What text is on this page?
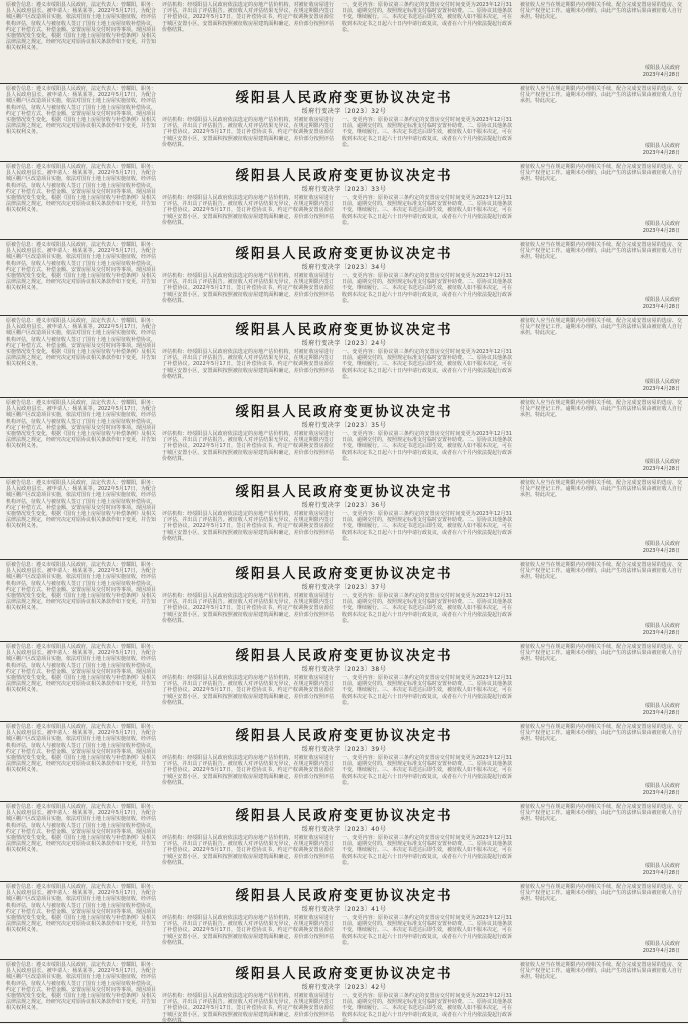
原被告信息：遵义市绥阳县人民政府，法定代表人：曾耀阳，职务：县人民政府县长。被申请人：杨某某等。2022年5月17日，为配合城区棚户区改造项目实施，依法对国有土地上房屋实施征收，经评估机构评估，征收人与被征收人签订了国有土地上房屋征收补偿协议，约定了补偿方式、补偿金额、安置房屋及交付时间等事项。现因项目实施情况发生变化，根据《国有土地上房屋征收与补偿条例》及相关法律法规之规定，经研究决定对原协议相关条款作如下变更，并告知相关权利义务。
评估机构：经绥阳县人民政府依法选定的房地产估价机构，对被征收房屋进行了评估，并出具了评估报告。被征收人对评估结果无异议，在规定期限内签订了补偿协议。2022年5月17日，签订补偿协议书，约定产权调换安置房源位于城区安置小区，安置面积按照被征收房屋建筑面积确定，差价部分按照评估价格结算。
一、变更内容：原协议第三条约定的安置房交付时间变更为2023年12月31日前，逾期交付的，按照规定标准支付临时安置补助费。二、原协议其他条款不变，继续履行。三、本决定书送达后即生效，被征收人如不服本决定，可在收到本决定书之日起六十日内申请行政复议，或者在六个月内依法提起行政诉讼。
被征收人应当在规定期限内办理相关手续，配合完成安置房屋的选房、交付及产权登记工作。逾期未办理的，由此产生的法律后果由被征收人自行承担。特此决定。
绥阳县人民政府
2023年4月28日
原被告信息：遵义市绥阳县人民政府，法定代表人：曾耀阳，职务：县人民政府县长。被申请人：杨某某等。2022年5月17日，为配合城区棚户区改造项目实施，依法对国有土地上房屋实施征收，经评估机构评估，征收人与被征收人签订了国有土地上房屋征收补偿协议，约定了补偿方式、补偿金额、安置房屋及交付时间等事项。现因项目实施情况发生变化，根据《国有土地上房屋征收与补偿条例》及相关法律法规之规定，经研究决定对原协议相关条款作如下变更，并告知相关权利义务。
绥阳县人民政府变更协议决定书
绥府行变决字〔2023〕32号
评估机构：经绥阳县人民政府依法选定的房地产估价机构，对被征收房屋进行了评估，并出具了评估报告。被征收人对评估结果无异议，在规定期限内签订了补偿协议。2022年5月17日，签订补偿协议书，约定产权调换安置房源位于城区安置小区，安置面积按照被征收房屋建筑面积确定，差价部分按照评估价格结算。
一、变更内容：原协议第三条约定的安置房交付时间变更为2023年12月31日前，逾期交付的，按照规定标准支付临时安置补助费。二、原协议其他条款不变，继续履行。三、本决定书送达后即生效，被征收人如不服本决定，可在收到本决定书之日起六十日内申请行政复议，或者在六个月内依法提起行政诉讼。
被征收人应当在规定期限内办理相关手续，配合完成安置房屋的选房、交付及产权登记工作。逾期未办理的，由此产生的法律后果由被征收人自行承担。特此决定。
绥阳县人民政府
2023年4月28日
原被告信息：遵义市绥阳县人民政府，法定代表人：曾耀阳，职务：县人民政府县长。被申请人：杨某某等。2022年5月17日，为配合城区棚户区改造项目实施，依法对国有土地上房屋实施征收，经评估机构评估，征收人与被征收人签订了国有土地上房屋征收补偿协议，约定了补偿方式、补偿金额、安置房屋及交付时间等事项。现因项目实施情况发生变化，根据《国有土地上房屋征收与补偿条例》及相关法律法规之规定，经研究决定对原协议相关条款作如下变更，并告知相关权利义务。
绥阳县人民政府变更协议决定书
绥府行变决字〔2023〕33号
评估机构：经绥阳县人民政府依法选定的房地产估价机构，对被征收房屋进行了评估，并出具了评估报告。被征收人对评估结果无异议，在规定期限内签订了补偿协议。2022年5月17日，签订补偿协议书，约定产权调换安置房源位于城区安置小区，安置面积按照被征收房屋建筑面积确定，差价部分按照评估价格结算。
一、变更内容：原协议第三条约定的安置房交付时间变更为2023年12月31日前，逾期交付的，按照规定标准支付临时安置补助费。二、原协议其他条款不变，继续履行。三、本决定书送达后即生效，被征收人如不服本决定，可在收到本决定书之日起六十日内申请行政复议，或者在六个月内依法提起行政诉讼。
被征收人应当在规定期限内办理相关手续，配合完成安置房屋的选房、交付及产权登记工作。逾期未办理的，由此产生的法律后果由被征收人自行承担。特此决定。
绥阳县人民政府
2023年4月28日
原被告信息：遵义市绥阳县人民政府，法定代表人：曾耀阳，职务：县人民政府县长。被申请人：杨某某等。2022年5月17日，为配合城区棚户区改造项目实施，依法对国有土地上房屋实施征收，经评估机构评估，征收人与被征收人签订了国有土地上房屋征收补偿协议，约定了补偿方式、补偿金额、安置房屋及交付时间等事项。现因项目实施情况发生变化，根据《国有土地上房屋征收与补偿条例》及相关法律法规之规定，经研究决定对原协议相关条款作如下变更，并告知相关权利义务。
绥阳县人民政府变更协议决定书
绥府行变决字〔2023〕34号
评估机构：经绥阳县人民政府依法选定的房地产估价机构，对被征收房屋进行了评估，并出具了评估报告。被征收人对评估结果无异议，在规定期限内签订了补偿协议。2022年5月17日，签订补偿协议书，约定产权调换安置房源位于城区安置小区，安置面积按照被征收房屋建筑面积确定，差价部分按照评估价格结算。
一、变更内容：原协议第三条约定的安置房交付时间变更为2023年12月31日前，逾期交付的，按照规定标准支付临时安置补助费。二、原协议其他条款不变，继续履行。三、本决定书送达后即生效，被征收人如不服本决定，可在收到本决定书之日起六十日内申请行政复议，或者在六个月内依法提起行政诉讼。
被征收人应当在规定期限内办理相关手续，配合完成安置房屋的选房、交付及产权登记工作。逾期未办理的，由此产生的法律后果由被征收人自行承担。特此决定。
绥阳县人民政府
2023年4月28日
原被告信息：遵义市绥阳县人民政府，法定代表人：曾耀阳，职务：县人民政府县长。被申请人：杨某某等。2022年5月17日，为配合城区棚户区改造项目实施，依法对国有土地上房屋实施征收，经评估机构评估，征收人与被征收人签订了国有土地上房屋征收补偿协议，约定了补偿方式、补偿金额、安置房屋及交付时间等事项。现因项目实施情况发生变化，根据《国有土地上房屋征收与补偿条例》及相关法律法规之规定，经研究决定对原协议相关条款作如下变更，并告知相关权利义务。
绥阳县人民政府变更协议决定书
绥府行变决字〔2023〕24号
评估机构：经绥阳县人民政府依法选定的房地产估价机构，对被征收房屋进行了评估，并出具了评估报告。被征收人对评估结果无异议，在规定期限内签订了补偿协议。2022年5月17日，签订补偿协议书，约定产权调换安置房源位于城区安置小区，安置面积按照被征收房屋建筑面积确定，差价部分按照评估价格结算。
一、变更内容：原协议第三条约定的安置房交付时间变更为2023年12月31日前，逾期交付的，按照规定标准支付临时安置补助费。二、原协议其他条款不变，继续履行。三、本决定书送达后即生效，被征收人如不服本决定，可在收到本决定书之日起六十日内申请行政复议，或者在六个月内依法提起行政诉讼。
被征收人应当在规定期限内办理相关手续，配合完成安置房屋的选房、交付及产权登记工作。逾期未办理的，由此产生的法律后果由被征收人自行承担。特此决定。
绥阳县人民政府
2023年4月28日
原被告信息：遵义市绥阳县人民政府，法定代表人：曾耀阳，职务：县人民政府县长。被申请人：杨某某等。2022年5月17日，为配合城区棚户区改造项目实施，依法对国有土地上房屋实施征收，经评估机构评估，征收人与被征收人签订了国有土地上房屋征收补偿协议，约定了补偿方式、补偿金额、安置房屋及交付时间等事项。现因项目实施情况发生变化，根据《国有土地上房屋征收与补偿条例》及相关法律法规之规定，经研究决定对原协议相关条款作如下变更，并告知相关权利义务。
绥阳县人民政府变更协议决定书
绥府行变决字〔2023〕35号
评估机构：经绥阳县人民政府依法选定的房地产估价机构，对被征收房屋进行了评估，并出具了评估报告。被征收人对评估结果无异议，在规定期限内签订了补偿协议。2022年5月17日，签订补偿协议书，约定产权调换安置房源位于城区安置小区，安置面积按照被征收房屋建筑面积确定，差价部分按照评估价格结算。
一、变更内容：原协议第三条约定的安置房交付时间变更为2023年12月31日前，逾期交付的，按照规定标准支付临时安置补助费。二、原协议其他条款不变，继续履行。三、本决定书送达后即生效，被征收人如不服本决定，可在收到本决定书之日起六十日内申请行政复议，或者在六个月内依法提起行政诉讼。
被征收人应当在规定期限内办理相关手续，配合完成安置房屋的选房、交付及产权登记工作。逾期未办理的，由此产生的法律后果由被征收人自行承担。特此决定。
绥阳县人民政府
2023年4月28日
原被告信息：遵义市绥阳县人民政府，法定代表人：曾耀阳，职务：县人民政府县长。被申请人：杨某某等。2022年5月17日，为配合城区棚户区改造项目实施，依法对国有土地上房屋实施征收，经评估机构评估，征收人与被征收人签订了国有土地上房屋征收补偿协议，约定了补偿方式、补偿金额、安置房屋及交付时间等事项。现因项目实施情况发生变化，根据《国有土地上房屋征收与补偿条例》及相关法律法规之规定，经研究决定对原协议相关条款作如下变更，并告知相关权利义务。
绥阳县人民政府变更协议决定书
绥府行变决字〔2023〕36号
评估机构：经绥阳县人民政府依法选定的房地产估价机构，对被征收房屋进行了评估，并出具了评估报告。被征收人对评估结果无异议，在规定期限内签订了补偿协议。2022年5月17日，签订补偿协议书，约定产权调换安置房源位于城区安置小区，安置面积按照被征收房屋建筑面积确定，差价部分按照评估价格结算。
一、变更内容：原协议第三条约定的安置房交付时间变更为2023年12月31日前，逾期交付的，按照规定标准支付临时安置补助费。二、原协议其他条款不变，继续履行。三、本决定书送达后即生效，被征收人如不服本决定，可在收到本决定书之日起六十日内申请行政复议，或者在六个月内依法提起行政诉讼。
被征收人应当在规定期限内办理相关手续，配合完成安置房屋的选房、交付及产权登记工作。逾期未办理的，由此产生的法律后果由被征收人自行承担。特此决定。
绥阳县人民政府
2023年4月28日
原被告信息：遵义市绥阳县人民政府，法定代表人：曾耀阳，职务：县人民政府县长。被申请人：杨某某等。2022年5月17日，为配合城区棚户区改造项目实施，依法对国有土地上房屋实施征收，经评估机构评估，征收人与被征收人签订了国有土地上房屋征收补偿协议，约定了补偿方式、补偿金额、安置房屋及交付时间等事项。现因项目实施情况发生变化，根据《国有土地上房屋征收与补偿条例》及相关法律法规之规定，经研究决定对原协议相关条款作如下变更，并告知相关权利义务。
绥阳县人民政府变更协议决定书
绥府行变决字〔2023〕37号
评估机构：经绥阳县人民政府依法选定的房地产估价机构，对被征收房屋进行了评估，并出具了评估报告。被征收人对评估结果无异议，在规定期限内签订了补偿协议。2022年5月17日，签订补偿协议书，约定产权调换安置房源位于城区安置小区，安置面积按照被征收房屋建筑面积确定，差价部分按照评估价格结算。
一、变更内容：原协议第三条约定的安置房交付时间变更为2023年12月31日前，逾期交付的，按照规定标准支付临时安置补助费。二、原协议其他条款不变，继续履行。三、本决定书送达后即生效，被征收人如不服本决定，可在收到本决定书之日起六十日内申请行政复议，或者在六个月内依法提起行政诉讼。
被征收人应当在规定期限内办理相关手续，配合完成安置房屋的选房、交付及产权登记工作。逾期未办理的，由此产生的法律后果由被征收人自行承担。特此决定。
绥阳县人民政府
2023年4月28日
原被告信息：遵义市绥阳县人民政府，法定代表人：曾耀阳，职务：县人民政府县长。被申请人：杨某某等。2022年5月17日，为配合城区棚户区改造项目实施，依法对国有土地上房屋实施征收，经评估机构评估，征收人与被征收人签订了国有土地上房屋征收补偿协议，约定了补偿方式、补偿金额、安置房屋及交付时间等事项。现因项目实施情况发生变化，根据《国有土地上房屋征收与补偿条例》及相关法律法规之规定，经研究决定对原协议相关条款作如下变更，并告知相关权利义务。
绥阳县人民政府变更协议决定书
绥府行变决字〔2023〕38号
评估机构：经绥阳县人民政府依法选定的房地产估价机构，对被征收房屋进行了评估，并出具了评估报告。被征收人对评估结果无异议，在规定期限内签订了补偿协议。2022年5月17日，签订补偿协议书，约定产权调换安置房源位于城区安置小区，安置面积按照被征收房屋建筑面积确定，差价部分按照评估价格结算。
一、变更内容：原协议第三条约定的安置房交付时间变更为2023年12月31日前，逾期交付的，按照规定标准支付临时安置补助费。二、原协议其他条款不变，继续履行。三、本决定书送达后即生效，被征收人如不服本决定，可在收到本决定书之日起六十日内申请行政复议，或者在六个月内依法提起行政诉讼。
被征收人应当在规定期限内办理相关手续，配合完成安置房屋的选房、交付及产权登记工作。逾期未办理的，由此产生的法律后果由被征收人自行承担。特此决定。
绥阳县人民政府
2023年4月28日
原被告信息：遵义市绥阳县人民政府，法定代表人：曾耀阳，职务：县人民政府县长。被申请人：杨某某等。2022年5月17日，为配合城区棚户区改造项目实施，依法对国有土地上房屋实施征收，经评估机构评估，征收人与被征收人签订了国有土地上房屋征收补偿协议，约定了补偿方式、补偿金额、安置房屋及交付时间等事项。现因项目实施情况发生变化，根据《国有土地上房屋征收与补偿条例》及相关法律法规之规定，经研究决定对原协议相关条款作如下变更，并告知相关权利义务。
绥阳县人民政府变更协议决定书
绥府行变决字〔2023〕39号
评估机构：经绥阳县人民政府依法选定的房地产估价机构，对被征收房屋进行了评估，并出具了评估报告。被征收人对评估结果无异议，在规定期限内签订了补偿协议。2022年5月17日，签订补偿协议书，约定产权调换安置房源位于城区安置小区，安置面积按照被征收房屋建筑面积确定，差价部分按照评估价格结算。
一、变更内容：原协议第三条约定的安置房交付时间变更为2023年12月31日前，逾期交付的，按照规定标准支付临时安置补助费。二、原协议其他条款不变，继续履行。三、本决定书送达后即生效，被征收人如不服本决定，可在收到本决定书之日起六十日内申请行政复议，或者在六个月内依法提起行政诉讼。
被征收人应当在规定期限内办理相关手续，配合完成安置房屋的选房、交付及产权登记工作。逾期未办理的，由此产生的法律后果由被征收人自行承担。特此决定。
绥阳县人民政府
2023年4月28日
原被告信息：遵义市绥阳县人民政府，法定代表人：曾耀阳，职务：县人民政府县长。被申请人：杨某某等。2022年5月17日，为配合城区棚户区改造项目实施，依法对国有土地上房屋实施征收，经评估机构评估，征收人与被征收人签订了国有土地上房屋征收补偿协议，约定了补偿方式、补偿金额、安置房屋及交付时间等事项。现因项目实施情况发生变化，根据《国有土地上房屋征收与补偿条例》及相关法律法规之规定，经研究决定对原协议相关条款作如下变更，并告知相关权利义务。
绥阳县人民政府变更协议决定书
绥府行变决字〔2023〕40号
评估机构：经绥阳县人民政府依法选定的房地产估价机构，对被征收房屋进行了评估，并出具了评估报告。被征收人对评估结果无异议，在规定期限内签订了补偿协议。2022年5月17日，签订补偿协议书，约定产权调换安置房源位于城区安置小区，安置面积按照被征收房屋建筑面积确定，差价部分按照评估价格结算。
一、变更内容：原协议第三条约定的安置房交付时间变更为2023年12月31日前，逾期交付的，按照规定标准支付临时安置补助费。二、原协议其他条款不变，继续履行。三、本决定书送达后即生效，被征收人如不服本决定，可在收到本决定书之日起六十日内申请行政复议，或者在六个月内依法提起行政诉讼。
被征收人应当在规定期限内办理相关手续，配合完成安置房屋的选房、交付及产权登记工作。逾期未办理的，由此产生的法律后果由被征收人自行承担。特此决定。
绥阳县人民政府
2023年4月28日
原被告信息：遵义市绥阳县人民政府，法定代表人：曾耀阳，职务：县人民政府县长。被申请人：杨某某等。2022年5月17日，为配合城区棚户区改造项目实施，依法对国有土地上房屋实施征收，经评估机构评估，征收人与被征收人签订了国有土地上房屋征收补偿协议，约定了补偿方式、补偿金额、安置房屋及交付时间等事项。现因项目实施情况发生变化，根据《国有土地上房屋征收与补偿条例》及相关法律法规之规定，经研究决定对原协议相关条款作如下变更，并告知相关权利义务。
绥阳县人民政府变更协议决定书
绥府行变决字〔2023〕41号
评估机构：经绥阳县人民政府依法选定的房地产估价机构，对被征收房屋进行了评估，并出具了评估报告。被征收人对评估结果无异议，在规定期限内签订了补偿协议。2022年5月17日，签订补偿协议书，约定产权调换安置房源位于城区安置小区，安置面积按照被征收房屋建筑面积确定，差价部分按照评估价格结算。
一、变更内容：原协议第三条约定的安置房交付时间变更为2023年12月31日前，逾期交付的，按照规定标准支付临时安置补助费。二、原协议其他条款不变，继续履行。三、本决定书送达后即生效，被征收人如不服本决定，可在收到本决定书之日起六十日内申请行政复议，或者在六个月内依法提起行政诉讼。
被征收人应当在规定期限内办理相关手续，配合完成安置房屋的选房、交付及产权登记工作。逾期未办理的，由此产生的法律后果由被征收人自行承担。特此决定。
绥阳县人民政府
2023年4月28日
原被告信息：遵义市绥阳县人民政府，法定代表人：曾耀阳，职务：县人民政府县长。被申请人：杨某某等。2022年5月17日，为配合城区棚户区改造项目实施，依法对国有土地上房屋实施征收，经评估机构评估，征收人与被征收人签订了国有土地上房屋征收补偿协议，约定了补偿方式、补偿金额、安置房屋及交付时间等事项。现因项目实施情况发生变化，根据《国有土地上房屋征收与补偿条例》及相关法律法规之规定，经研究决定对原协议相关条款作如下变更，并告知相关权利义务。
绥阳县人民政府变更协议决定书
绥府行变决字〔2023〕42号
评估机构：经绥阳县人民政府依法选定的房地产估价机构，对被征收房屋进行了评估，并出具了评估报告。被征收人对评估结果无异议，在规定期限内签订了补偿协议。2022年5月17日，签订补偿协议书，约定产权调换安置房源位于城区安置小区，安置面积按照被征收房屋建筑面积确定，差价部分按照评估价格结算。
一、变更内容：原协议第三条约定的安置房交付时间变更为2023年12月31日前，逾期交付的，按照规定标准支付临时安置补助费。二、原协议其他条款不变，继续履行。三、本决定书送达后即生效，被征收人如不服本决定，可在收到本决定书之日起六十日内申请行政复议，或者在六个月内依法提起行政诉讼。
被征收人应当在规定期限内办理相关手续，配合完成安置房屋的选房、交付及产权登记工作。逾期未办理的，由此产生的法律后果由被征收人自行承担。特此决定。
